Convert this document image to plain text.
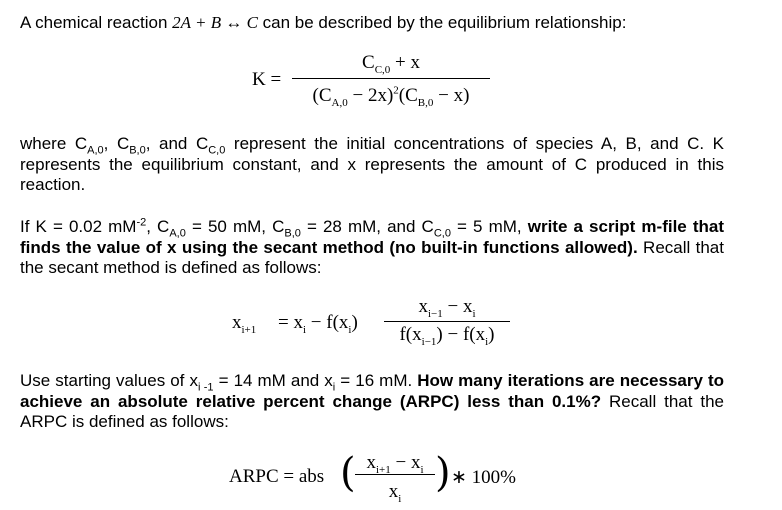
A chemical reaction 2A + B ↔ C can be described by the equilibrium relationship:
K =
$C_{C,0} + x$
$(C_{A,0} - 2x)^2(C_{B,0} - x)$
where $C_{A,0}$, $C_{B,0}$, and $C_{C,0}$ represent the initial concentrations of species A, B, and C. K represents the equilibrium constant, and x represents the amount of C produced in this reaction.
If K = 0.02 $mM^{-2}$, $C_{A,0} = 50$ mM, $C_{B,0} = 28$ mM, and $C_{C,0} = 5$ mM, write a script m-file that finds the value of x using the secant method (no built-in functions allowed). Recall that the secant method is defined as follows:
$x_{i+1} = x_i - f(x_i)$
$x_{i-1} - x_i$
$f(x_{i-1}) - f(x_i)$
Use starting values of $x_{i -1} = 14$ mM and $x_i = 16$ mM. How many iterations are necessary to achieve an absolute relative percent change (ARPC) less than 0.1%? Recall that the ARPC is defined as follows:
ARPC = abs ( $x_{i+1} - x_i$
$x_i$
) ∗ 100%
